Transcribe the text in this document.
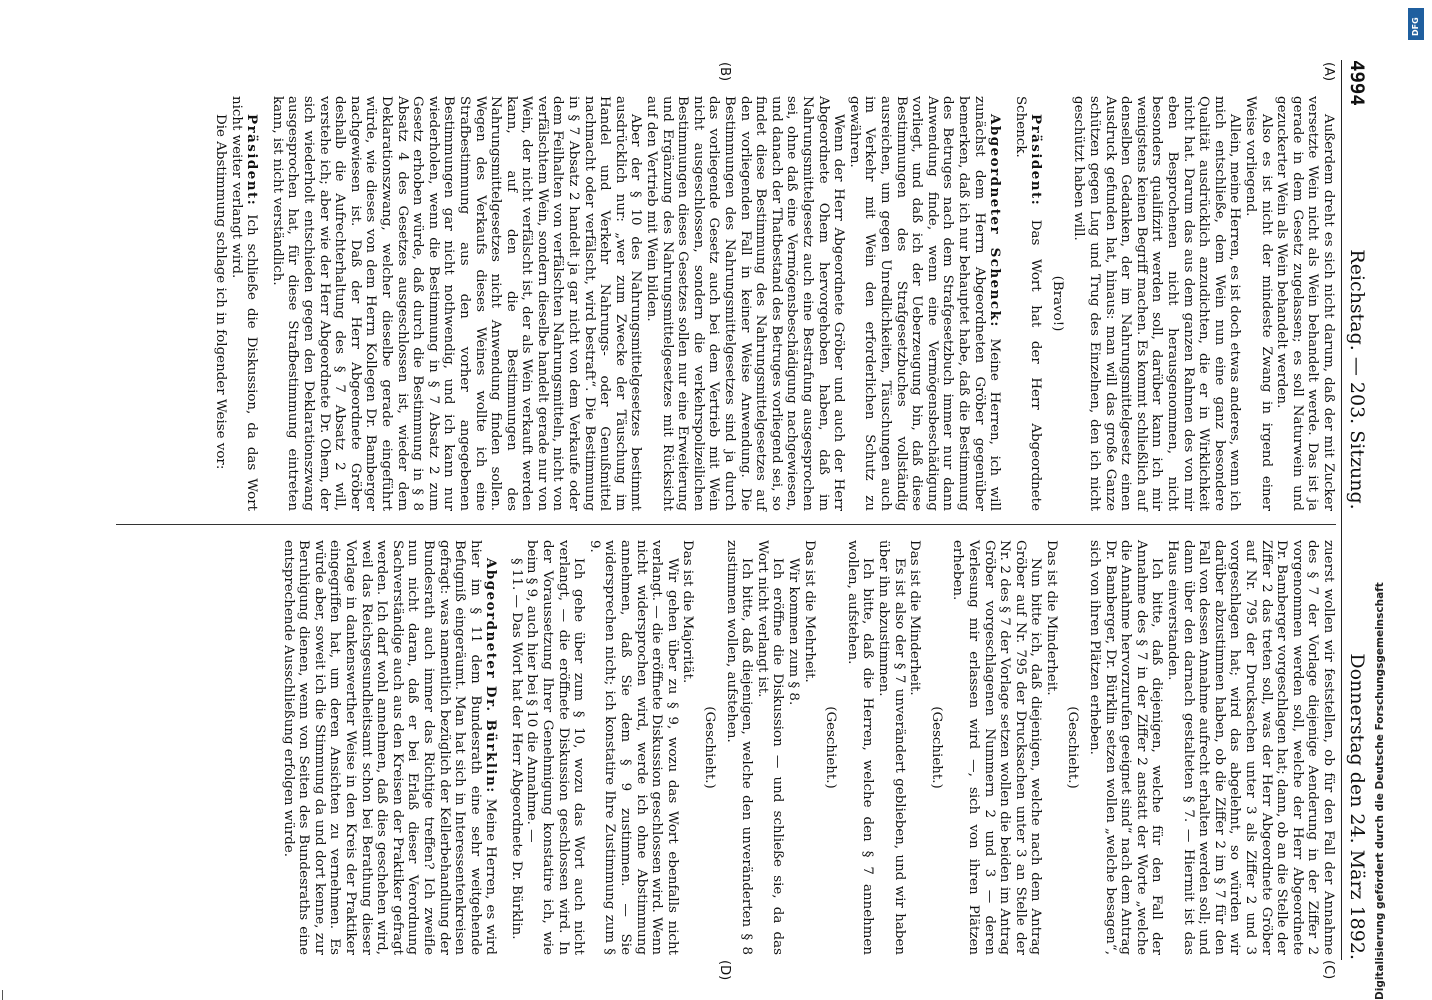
4994
Reichstag. — 203. Sitzung.
Donnerstag den 24. März 1892.
(A)
(B)
(C)
(D)

Außerdem dreht es sich nicht darum, daß der mit Zucker versetzte Wein nicht als Wein behandelt werde. Das ist ja gerade in dem Gesetz zugelassen; es soll Naturwein und gezuckerter Wein als Wein behandelt werden.

Also es ist nicht der mindeste Zwang in irgend einer Weise vorliegend.

Allein, meine Herren, es ist doch etwas anderes, wenn ich mich entschließe, dem Wein nun eine ganz besondere Qualität ausdrücklich anzudichten, die er in Wirklichkeit nicht hat. Darum das aus dem ganzen Rahmen des von mir eben Besprochenen nicht herausgenommen, nicht besonders qualifizirt werden soll, darüber kann ich mir wenigstens keinen Begriff machen. Es kommt schließlich auf denselben Gedanken, der im Nahrungsmittelgesetz einen Ausdruck gefunden hat, hinaus: man will das große Ganze schützen gegen Lug und Trug des Einzelnen, den ich nicht geschützt haben will.

(Bravo!)

Präsident: Das Wort hat der Herr Abgeordnete Schenck.

Abgeordneter Schenck: Meine Herren, ich will zunächst dem Herrn Abgeordneten Gröber gegenüber bemerken, daß ich nur behauptet habe, daß die Bestimmung des Betruges nach dem Strafgesetzbuch immer nur dann Anwendung finde, wenn eine Vermögensbeschädigung vorliegt, und daß ich der Ueberzeugung bin, daß diese Bestimmungen des Strafgesetzbuches vollständig ausreichen, um gegen Unredlichkeiten, Täuschungen auch im Verkehr mit Wein den erforderlichen Schutz zu gewähren.

Wenn der Herr Abgeordnete Gröber und auch der Herr Abgeordnete Ohem hervorgehoben haben, daß im Nahrungsmittelgesetz auch eine Bestrafung ausgesprochen sei, ohne daß eine Vermögensbeschädigung nachgewiesen, und danach der Thatbestand des Betruges vorliegend sei, so findet diese Bestimmung des Nahrungsmittelgesetzes auf den vorliegenden Fall in keiner Weise Anwendung. Die Bestimmungen des Nahrungsmittelgesetzes sind ja durch das vorliegende Gesetz auch bei dem Vertrieb mit Wein nicht ausgeschlossen, sondern die verkehrspolizeilichen Bestimmungen dieses Gesetzes sollen nur eine Erweiterung und Ergänzung des Nahrungsmittelgesetzes mit Rücksicht auf den Vertrieb mit Wein bilden.

Aber der § 10 des Nahrungsmittelgesetzes bestimmt ausdrücklich nur: „wer zum Zwecke der Täuschung im Handel und Verkehr Nahrungs- oder Genußmittel nachmacht oder verfälscht, wird bestraft“. Die Bestimmung in § 7 Absatz 2 handelt ja gar nicht von dem Verkaufe oder dem Feilhalten von verfälschten Nahrungsmitteln, nicht von verfälschtem Wein, sondern dieselbe handelt gerade nur von Wein, der nicht verfälscht ist, der als Wein verkauft werden kann, auf den die Bestimmungen des Nahrungsmittelgesetzes nicht Anwendung finden sollen. Wegen des Verkaufs dieses Weines wollte ich eine Strafbestimmung aus den vorher angegebenen Bestimmungen gar nicht nothwendig, und ich kann nur wiederholen, wenn die Bestimmung in § 7 Absatz 2 zum Gesetz erhoben würde, daß durch die Bestimmung in § 8 Absatz 4 des Gesetzes ausgeschlossen ist, wieder dem Deklarationszwang, welcher dieselbe gerade eingeführt würde, wie dieses von dem Herrn Kollegen Dr. Bamberger nachgewiesen ist. Daß der Herr Abgeordnete Gröber deshalb die Aufrechterhaltung des § 7 Absatz 2 will, verstehe ich; aber wie der Herr Abgeordnete Dr. Ohem, der sich wiederholt entschieden gegen den Deklarationszwang ausgesprochen hat, für diese Strafbestimmung eintreten kann, ist nicht verständlich.

Präsident: Ich schließe die Diskussion, da das Wort nicht weiter verlangt wird.

Die Abstimmung schlage ich in folgender Weise vor:

zuerst wollen wir feststellen, ob für den Fall der Annahme des § 7 der Vorlage diejenige Aenderung in der Ziffer 2 vorgenommen werden soll, welche der Herr Abgeordnete Dr. Bamberger vorgeschlagen hat; dann, ob an die Stelle der Ziffer 2 das treten soll, was der Herr Abgeordnete Gröber auf Nr. 795 der Drucksachen unter 3 als Ziffer 2 und 3 vorgeschlagen hat; wird das abgelehnt, so würden wir darüber abzustimmen haben, ob die Ziffer 2 im § 7 für den Fall von dessen Annahme aufrecht erhalten werden soll; und dann über den darnach gestalteten § 7. — Hiermit ist das Haus einverstanden.

Ich bitte, daß diejenigen, welche für den Fall der Annahme des § 7 in der Ziffer 2 anstatt der Worte „welche die Annahme hervorzurufen geeignet sind“ nach dem Antrag Dr. Bamberger, Dr. Bürklin setzen wollen „welche besagen“, sich von ihren Plätzen erheben.

(Geschieht.)

Das ist die Minderheit.

Nun bitte ich, daß diejenigen, welche nach dem Antrag Gröber auf Nr. 795 der Drucksachen unter 3 an Stelle der Nr. 2 des § 7 der Vorlage setzen wollen die beiden im Antrag Gröber vorgeschlagenen Nummern 2 und 3 — deren Verlesung mir erlassen wird —, sich von ihren Plätzen erheben.

(Geschieht.)

Das ist die Minderheit.

Es ist also der § 7 unverändert geblieben, und wir haben über ihn abzustimmen.

Ich bitte, daß die Herren, welche den § 7 annehmen wollen, aufstehen.

(Geschieht.)

Das ist die Mehrheit.

Wir kommen zum § 8.

Ich eröffne die Diskussion — und schließe sie, da das Wort nicht verlangt ist.

Ich bitte, daß diejenigen, welche den unveränderten § 8 zustimmen wollen, aufstehen.

(Geschieht.)

Das ist die Majorität.

Wir gehen über zu § 9, wozu das Wort ebenfalls nicht verlangt. — die eröffnete Diskussion geschlossen wird. Wenn nicht widersprochen wird, werde ich ohne Abstimmung annehmen, daß Sie dem § 9 zustimmen. — Sie widersprechen nicht; ich konstatire Ihre Zustimmung zum § 9.

Ich gehe über zum § 10, wozu das Wort auch nicht verlangt, — die eröffnete Diskussion geschlossen wird. In der Voraussetzung Ihrer Genehmigung konstatire ich, wie beim § 9, auch hier bei § 10 die Annahme. —

§ 11. — Das Wort hat der Herr Abgeordnete Dr. Bürklin.

Abgeordneter Dr. Bürklin: Meine Herren, es wird hier im § 11 dem Bundesrath eine sehr weitgehende Befugniß eingeräumt. Man hat sich in Interessentenkreisen gefragt: was namentlich bezüglich der Kellerbehandlung der Bundesrath auch immer das Richtige treffen? Ich zweifle nun nicht daran, daß er bei Erlaß dieser Verordnung Sachverständige auch aus den Kreisen der Praktiker gefragt werden. Ich darf wohl annehmen, daß dies geschehen wird, weil das Reichsgesundheitsamt schon bei Berathung dieser Vorlage in dankenswerther Weise in den Kreis der Praktiker eingegriffen hat, um deren Ansichten zu vernehmen. Es würde aber, soweit ich die Stimmung da und dort kenne, zur Beruhigung dienen, wenn von Seiten des Bundesraths eine entsprechende Ausschließung erfolgen würde.	Digitalisierung gefördert durch die Deutsche Forschungsgemeinschaft
DFG
